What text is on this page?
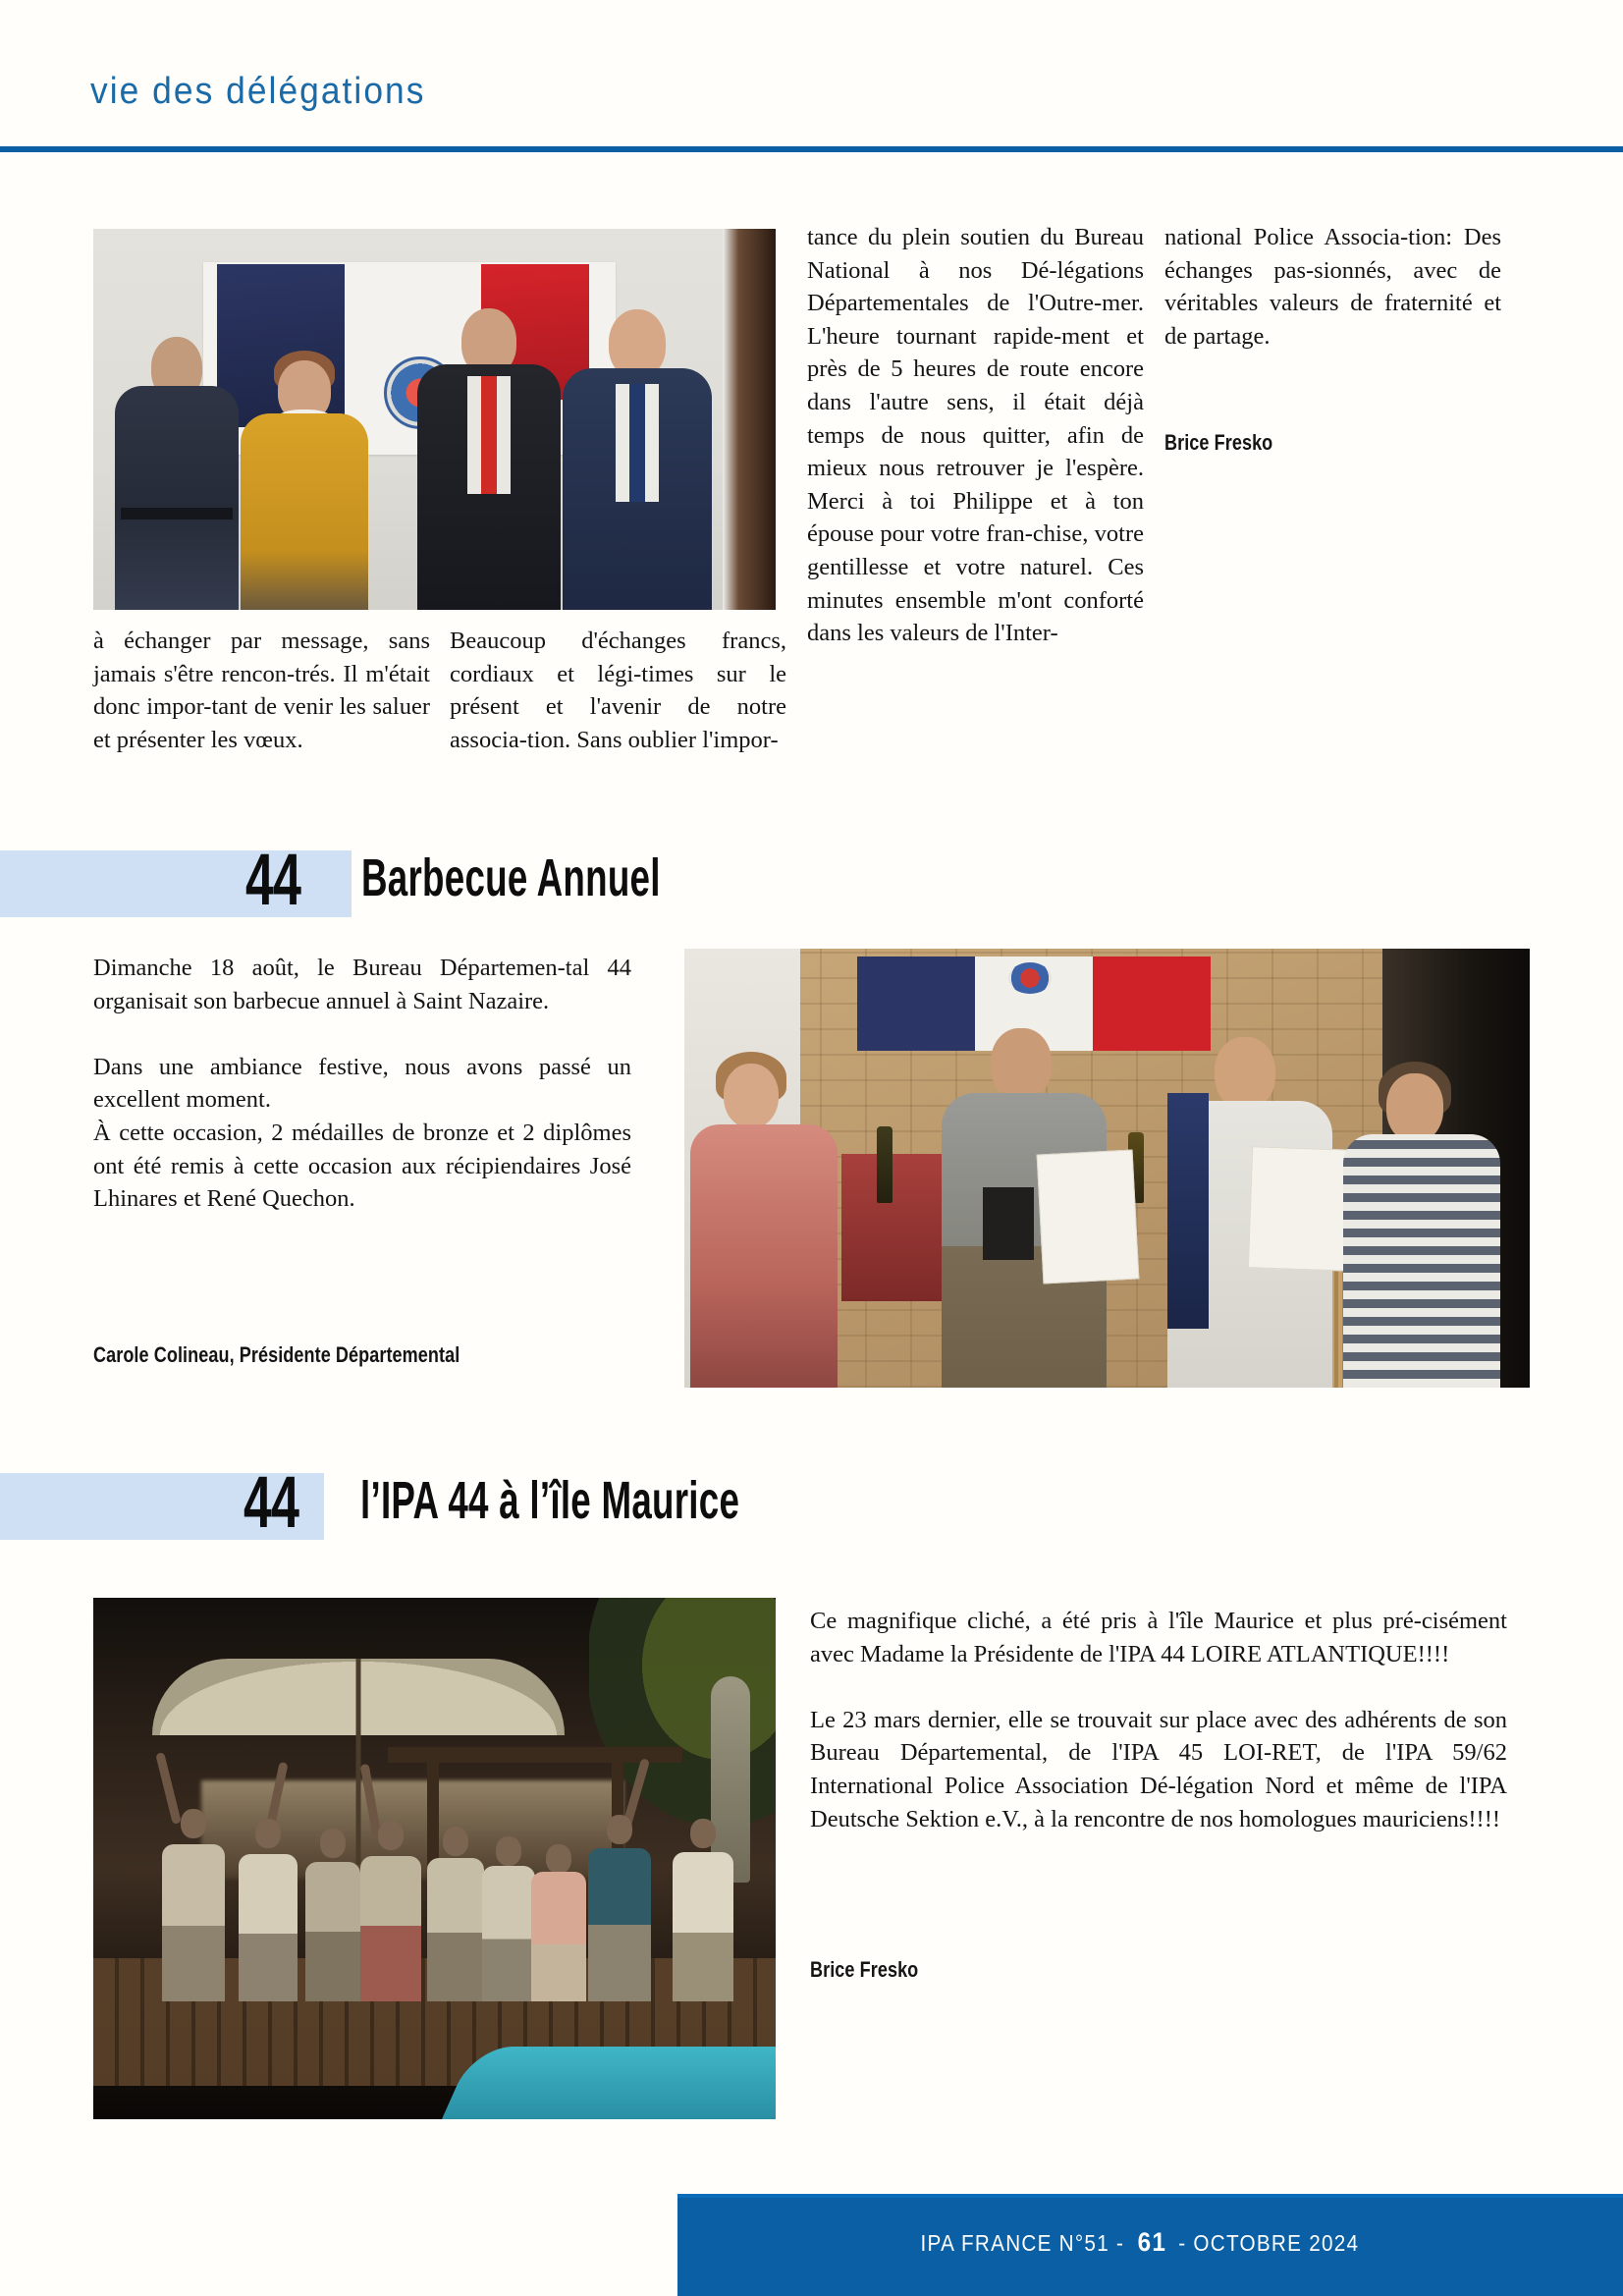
vie des délégations

à échanger par message, sans jamais s'être rencon-trés. Il m'était donc impor-tant de venir les saluer et présenter les vœux.

Beaucoup d'échanges francs, cordiaux et légi-times sur le présent et l'avenir de notre associa-tion. Sans oublier l'impor-

tance du plein soutien du Bureau National à nos Dé-légations Départementales de l'Outre-mer. L'heure tournant rapide-ment et près de 5 heures de route encore dans l'autre sens, il était déjà temps de nous quitter, afin de mieux nous retrouver je l'espère. Merci à toi Philippe et à ton épouse pour votre fran-chise, votre gentillesse et votre naturel. Ces minutes ensemble m'ont conforté dans les valeurs de l'Inter-

national Police Associa-tion: Des échanges pas-sionnés, avec de véritables valeurs de fraternité et de partage.

Brice Fresko
44 Barbecue Annuel

Dimanche 18 août, le Bureau Départemen-tal 44 organisait son barbecue annuel à Saint Nazaire.

Dans une ambiance festive, nous avons passé un excellent moment.

À cette occasion, 2 médailles de bronze et 2 diplômes ont été remis à cette occasion aux récipiendaires José Lhinares et René Quechon.

Carole Colineau, Présidente Départemental
44 l’IPA 44 à l’île Maurice

Ce magnifique cliché, a été pris à l'île Maurice et plus pré-cisément avec Madame la Présidente de l'IPA 44 LOIRE ATLANTIQUE!!!!

Le 23 mars dernier, elle se trouvait sur place avec des adhérents de son Bureau Départemental, de l'IPA 45 LOI-RET, de l'IPA 59/62 International Police Association Dé-légation Nord et même de l'IPA Deutsche Sektion e.V., à la rencontre de nos homologues mauriciens!!!!

Brice Fresko
IPA FRANCE N°51 -61- OCTOBRE 2024
